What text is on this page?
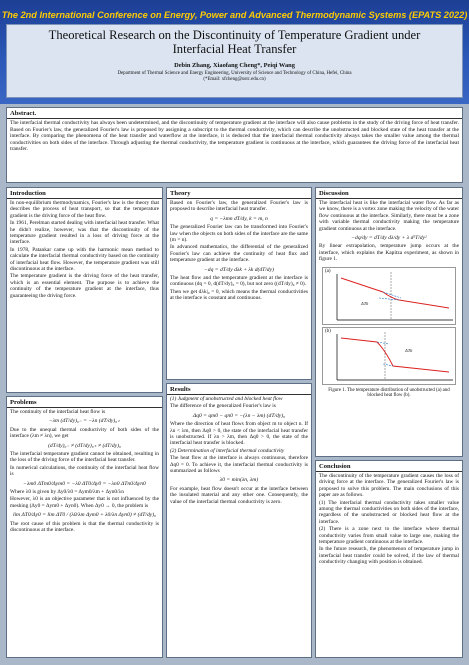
The 2nd International Conference on Energy, Power and Advanced Thermodynamic Systems (EPATS 2022)
Theoretical Research on the Discontinuity of Temperature Gradient under Interfacial Heat Transfer
Debin Zhang, Xiaofang Cheng*, Peiqi Wang
Department of Thermal Science and Energy Engineering, University of Science and Technology of China, Hefei, China
(*Email: xfcheng@ustc.edu.cn)
Abstract.
The interfacial thermal conductivity has always been undetermined, and the discontinuity of temperature gradient at the interface will also cause problems in the study of the driving force of heat transfer. Based on Fourier's law, the generalized Fourier's law is proposed by assigning a subscript to the thermal conductivity, which can describe the unobstructed and blocked state of the heat transfer at the interface. By comparing the phenomena of the heat transfer and waterflow at the interface, it is deduced that the interfacial thermal conductivity always takes the smaller value among the thermal conductivities on both sides of the interface. Through adjusting the thermal conductivity, the temperature gradient is continuous at the interface, which guarantees the driving force of the interfacial heat transfer.
Introduction

In non-equilibrium thermodynamics, Fourier's law is the theory that describes the process of heat transport, so that the temperature gradient is the driving force of the heat flow.

In 1961, Perelman started dealing with interfacial heat transfer. What he didn't realize, however, was that the discontinuity of the temperature gradient resulted in a loss of driving force at the interface.

In 1978, Patankar came up with the harmonic mean method to calculate the interfacial thermal conductivity based on the continuity of interfacial heat flow. However, the temperature gradient was still discontinuous at the interface.

The temperature gradient is the driving force of the heat transfer, which is an essential element. The purpose is to achieve the continuity of the temperature gradient at the interface, thus guaranteeing the driving force.

Problems

The continuity of the interfacial heat flow is

−λm (dT/dy)₀₋ = −λn (dT/dy)₀₊

Due to the unequal thermal conductivity of both sides of the interface (λm ≠ λn), we get

(dT/dy)₀₋ ≠ (dT/dy)₀₊ ≠ (dT/dy)₀

The interfacial temperature gradient cannot be obtained, resulting in the loss of the driving force of the interfacial heat transfer.

In numerical calculations, the continuity of the interfacial heat flow is

−λm0 ΔTm0/Δym0 = −λ0 ΔT0/Δy0 = −λn0 ΔTn0/Δyn0

Where λ0 is given by Δy0/λ0 = Δym0/λm + Δyn0/λn

However, λ0 is an objective parameter that is not influenced by the meshing (Δy0 = Δym0 + Δyn0). When Δy0 → 0, the problem is

lim ΔT0/Δy0 = lim ΔT0 / (λ0/λm Δym0 + λ0/λn Δyn0) ≠ (dT/dy)₀

The root cause of this problem is that the thermal conductivity is discontinuous at the interface.

Theory

Based on Fourier's law, the generalized Fourier's law is proposed to describe interfacial heat transfer.

q = −λmn dT/dy, k = m, n

The generalized Fourier law can be transformed into Fourier's law when the objects on both sides of the interface are the same (m = n).

In advanced mathematics, the differential of the generalized Fourier's law can achieve the continuity of heat flux and temperature gradient at the interface.

−dq = dT/dy dλk + λk d(dT/dy)

The heat flow and the temperature gradient at the interface is continuous (dq = 0, d(dT/dy)₀ = 0), but not zero ((dT/dy)₀ ≠ 0).

Then we get dλk|₀ = 0, which means the thermal conductivities at the interface is constant and continuous.

Results

(1) Judgment of unobstructed and blocked heat flow

The difference of the generalized Fourier's law is

Δq0 = qm0 − qn0 = −(λn − λm) (dT/dy)₀

Where the direction of heat flows from object m to object n. If λn < λm, then Δq0 > 0, the state of the interfacial heat transfer is unobstructed. If λn > λm, then Δq0 > 0, the state of the interfacial heat transfer is blocked.

(2) Determination of interfacial thermal conductivity

The heat flow at the interface is always continuous, therefore Δq0 = 0. To achieve it, the interfacial thermal conductivity is summarized as follows

λ0 = min(λn, λm)

For example, heat flow doesn't occur at the interface between the insulated material and any other one. Consequently, the value of the interfacial thermal conductivity is zero.

Discussion

The interfacial heat is like the interfacial water flow. As far as we know, there is a vortex zone making the velocity of the water flow continuous at the interface. Similarly, there must be a zone with variable thermal conductivity making the temperature gradient continuous at the interface.

−dq/dy = dT/dy dλ/dy + λ d²T/dy²

By linear extrapolation, temperature jump occurs at the interface, which explains the Kapitza experiment, as shown in figure 1.

(a)
ΔTk
(b)
ΔTk
Figure 1. The temperature distribution of unobstructed (a) and blocked heat flow (b).
Conclusion

The discontinuity of the temperature gradient causes the loss of driving force at the interface. The generalized Fourier's law is proposed to solve this problem. The main conclusions of this paper are as follows.

(1) The interfacial thermal conductivity takes smaller value among the thermal conductivities on both sides of the interface, regardless of the unobstructed or blocked heat flow at the interface.

(2) There is a zone next to the interface where thermal conductivity varies from small value to large one, making the temperature gradient continuous at the interface.

In the future research, the phenomenon of temperature jump in interfacial heat transfer could be solved, if the law of thermal conductivity changing with position is obtained.
